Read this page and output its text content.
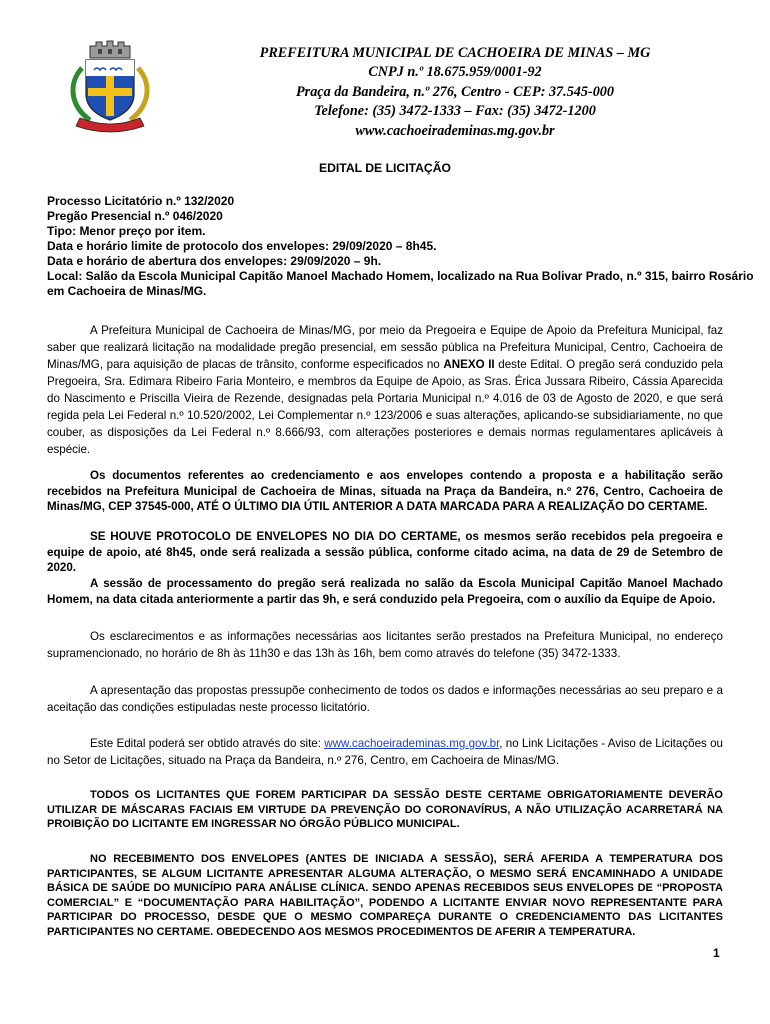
PREFEITURA MUNICIPAL DE CACHOEIRA DE MINAS – MG
CNPJ n.º 18.675.959/0001-92
Praça da Bandeira, n.º 276, Centro - CEP: 37.545-000
Telefone: (35) 3472-1333 – Fax: (35) 3472-1200
www.cachoeirademinas.mg.gov.br
EDITAL DE LICITAÇÃO
Processo Licitatório n.º 132/2020
Pregão Presencial n.º 046/2020
Tipo: Menor preço por item.
Data e horário limite de protocolo dos envelopes: 29/09/2020 – 8h45.
Data e horário de abertura dos envelopes: 29/09/2020 – 9h.
Local: Salão da Escola Municipal Capitão Manoel Machado Homem, localizado na Rua Bolivar Prado, n.º 315, bairro Rosário
em Cachoeira de Minas/MG.
A Prefeitura Municipal de Cachoeira de Minas/MG, por meio da Pregoeira e Equipe de Apoio da Prefeitura Municipal, faz saber que realizará licitação na modalidade pregão presencial, em sessão pública na Prefeitura Municipal, Centro, Cachoeira de Minas/MG, para aquisição de placas de trânsito, conforme especificados no ANEXO II deste Edital. O pregão será conduzido pela Pregoeira, Sra. Edimara Ribeiro Faria Monteiro, e membros da Equipe de Apoio, as Sras. Érica Jussara Ribeiro, Cássia Aparecida do Nascimento e Priscilla Vieira de Rezende, designadas pela Portaria Municipal n.º 4.016 de 03 de Agosto de 2020, e que será regida pela Lei Federal n.º 10.520/2002, Lei Complementar n.º 123/2006 e suas alterações, aplicando-se subsidiariamente, no que couber, as disposições da Lei Federal n.º 8.666/93, com alterações posteriores e demais normas regulamentares aplicáveis à espécie.
Os documentos referentes ao credenciamento e aos envelopes contendo a proposta e a habilitação serão recebidos na Prefeitura Municipal de Cachoeira de Minas, situada na Praça da Bandeira, n.º 276, Centro, Cachoeira de Minas/MG, CEP 37545-000, ATÉ O ÚLTIMO DIA ÚTIL ANTERIOR A DATA MARCADA PARA A REALIZAÇÃO DO CERTAME.
SE HOUVE PROTOCOLO DE ENVELOPES NO DIA DO CERTAME, os mesmos serão recebidos pela pregoeira e equipe de apoio, até 8h45, onde será realizada a sessão pública, conforme citado acima, na data de 29 de Setembro de 2020.
A sessão de processamento do pregão será realizada no salão da Escola Municipal Capitão Manoel Machado Homem, na data citada anteriormente a partir das 9h, e será conduzido pela Pregoeira, com o auxílio da Equipe de Apoio.
Os esclarecimentos e as informações necessárias aos licitantes serão prestados na Prefeitura Municipal, no endereço supramencionado, no horário de 8h às 11h30 e das 13h às 16h, bem como através do telefone (35) 3472-1333.
A apresentação das propostas pressupõe conhecimento de todos os dados e informações necessárias ao seu preparo e a aceitação das condições estipuladas neste processo licitatório.
Este Edital poderá ser obtido através do site: www.cachoeirademinas.mg.gov.br, no Link Licitações - Aviso de Licitações ou no Setor de Licitações, situado na Praça da Bandeira, n.º 276, Centro, em Cachoeira de Minas/MG.
TODOS OS LICITANTES QUE FOREM PARTICIPAR DA SESSÃO DESTE CERTAME OBRIGATORIAMENTE DEVERÃO UTILIZAR DE MÁSCARAS FACIAIS EM VIRTUDE DA PREVENÇÃO DO CORONAVÍRUS, A NÃO UTILIZAÇÃO ACARRETARÁ NA PROIBIÇÃO DO LICITANTE EM INGRESSAR NO ÓRGÃO PÚBLICO MUNICIPAL.
NO RECEBIMENTO DOS ENVELOPES (ANTES DE INICIADA A SESSÃO), SERÁ AFERIDA A TEMPERATURA DOS PARTICIPANTES, SE ALGUM LICITANTE APRESENTAR ALGUMA ALTERAÇÃO, O MESMO SERÁ ENCAMINHADO A UNIDADE BÁSICA DE SAÚDE DO MUNICÍPIO PARA ANÁLISE CLÍNICA. SENDO APENAS RECEBIDOS SEUS ENVELOPES DE “PROPOSTA COMERCIAL” E “DOCUMENTAÇÃO PARA HABILITAÇÃO”, PODENDO A LICITANTE ENVIAR NOVO REPRESENTANTE PARA PARTICIPAR DO PROCESSO, DESDE QUE O MESMO COMPAREÇA DURANTE O CREDENCIAMENTO DAS LICITANTES PARTICIPANTES NO CERTAME. OBEDECENDO AOS MESMOS PROCEDIMENTOS DE AFERIR A TEMPERATURA.
1
